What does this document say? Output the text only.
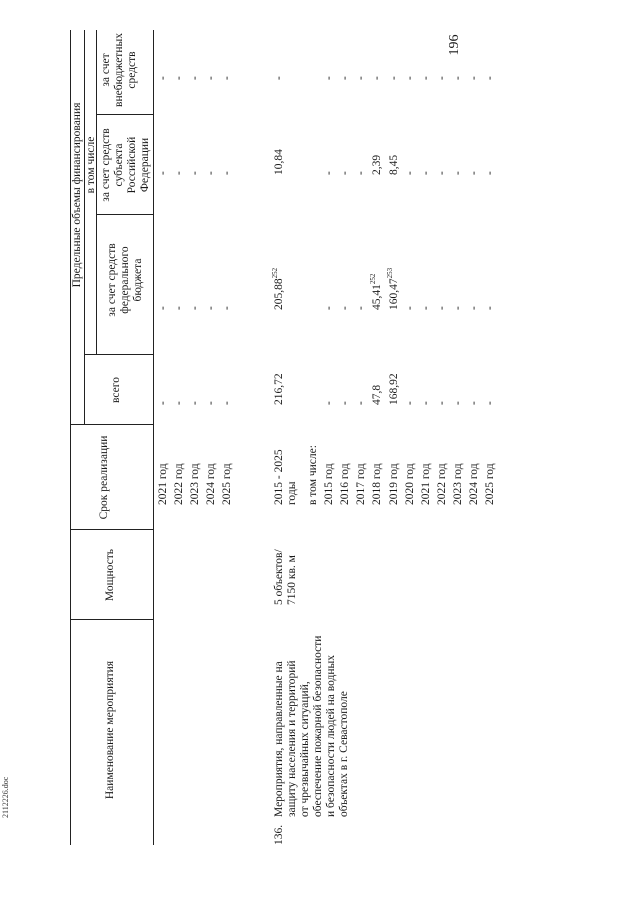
196
2112226.doc	Наименование мероприятия
Мощность
Срок реализации
Предельные объемы финансирования
всего
в том числе
за счет средств федерального бюджета
за счет средств субъекта Российской Федерации
за счет внебюджетных средств
136.
2021 год
-
-
-
-
2022 год
-
-
-
-
2023 год
-
-
-
-
2024 год
-
-
-
-
2025 год
-
-
-
-
Мероприятия, направленные на защиту населения и территорий от чрезвычайных ситуаций, обеспечение пожарной безопасности и безопасности людей на водных объектах в г. Севастополе
5 объектов/ 7150 кв. м
2015 - 2025 годы
216,72
205,88$^{252}$
10,84
-
в том числе: 2015 год
-
-
-
-
2016 год
-
-
-
-
2017 год
-
-
-
-
2018 год
47,8
45,41$^{252}$
2,39
-
2019 год
168,92
160,47$^{253}$
8,45
-
2020 год
-
-
-
-
2021 год
-
-
-
-
2022 год
-
-
-
-
2023 год
-
-
-
-
2024 год
-
-
-
-
2025 год
-
-
-
-
